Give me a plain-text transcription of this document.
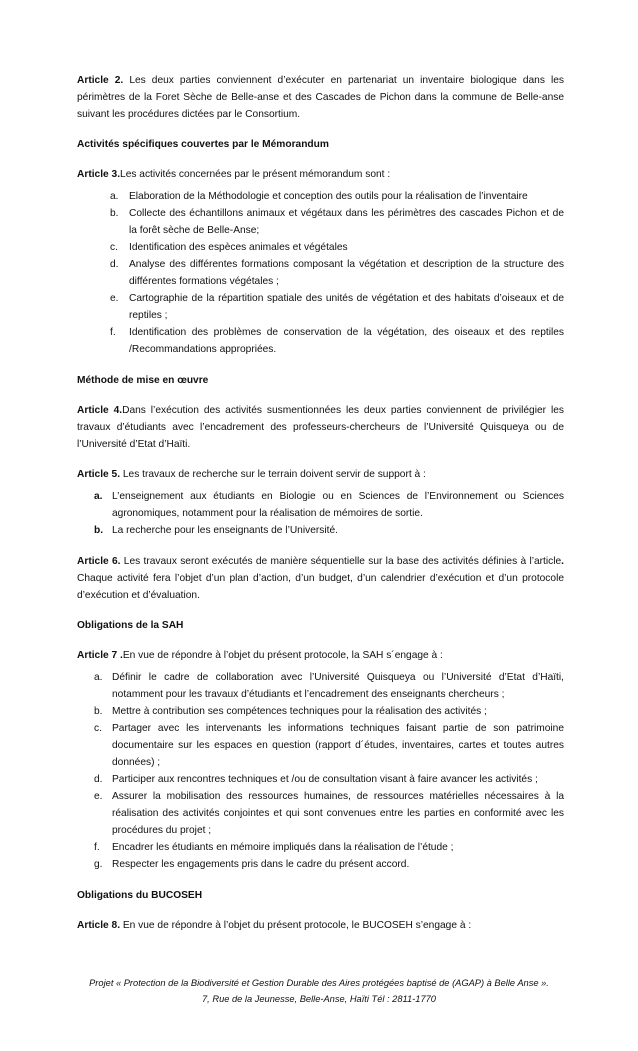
Article 2. Les deux parties conviennent d’exécuter en partenariat un inventaire biologique dans les périmètres de la Foret Sèche de Belle-anse et des Cascades de Pichon dans la commune de Belle-anse suivant les procédures dictées par le Consortium.

Activités spécifiques couvertes par le Mémorandum

Article 3.Les activités concernées par le présent mémorandum sont :

a. Elaboration de la Méthodologie et conception des outils pour la réalisation de l’inventaire
b. Collecte des échantillons animaux et végétaux dans les périmètres des cascades Pichon et de la forêt sèche de Belle-Anse;
c. Identification des espèces animales et végétales
d. Analyse des différentes formations composant la végétation et description de la structure des différentes formations végétales ;
e. Cartographie de la répartition spatiale des unités de végétation et des habitats d’oiseaux et de reptiles ;
f. Identification des problèmes de conservation de la végétation, des oiseaux et des reptiles /Recommandations appropriées.

Méthode de mise en œuvre

Article 4.Dans l’exécution des activités susmentionnées les deux parties conviennent de privilégier les travaux d’étudiants avec l’encadrement des professeurs-chercheurs de l’Université Quisqueya ou de l’Université d’Etat d’Haïti.

Article 5. Les travaux de recherche sur le terrain doivent servir de support à :

a. L’enseignement aux étudiants en Biologie ou en Sciences de l’Environnement ou Sciences agronomiques, notamment pour la réalisation de mémoires de sortie.
b. La recherche pour les enseignants de l’Université.

Article 6. Les travaux seront exécutés de manière séquentielle sur la base des activités définies à l’article. Chaque activité fera l’objet d’un plan d’action, d’un budget, d’un calendrier d’exécution et d’un protocole d’exécution et d’évaluation.

Obligations de la SAH

Article 7 .En vue de répondre à l’objet du présent protocole, la SAH s´engage à :

a. Définir le cadre de collaboration avec l’Université Quisqueya ou l’Université d’Etat d’Haïti, notamment pour les travaux d’étudiants et l’encadrement des enseignants chercheurs ;
b. Mettre à contribution ses compétences techniques pour la réalisation des activités ;
c. Partager avec les intervenants les informations techniques faisant partie de son patrimoine documentaire sur les espaces en question (rapport d´études, inventaires, cartes et toutes autres données) ;
d. Participer aux rencontres techniques et /ou de consultation visant à faire avancer les activités ;
e. Assurer la mobilisation des ressources humaines, de ressources matérielles nécessaires à la réalisation des activités conjointes et qui sont convenues entre les parties en conformité avec les procédures du projet ;
f. Encadrer les étudiants en mémoire impliqués dans la réalisation de l’étude ;
g. Respecter les engagements pris dans le cadre du présent accord.

Obligations du BUCOSEH

Article 8. En vue de répondre à l’objet du présent protocole, le BUCOSEH s’engage à :

Projet « Protection de la Biodiversité et Gestion Durable des Aires protégées baptisé de (AGAP) à Belle Anse ».
7, Rue de la Jeunesse, Belle-Anse, Haïti Tél : 2811-1770
